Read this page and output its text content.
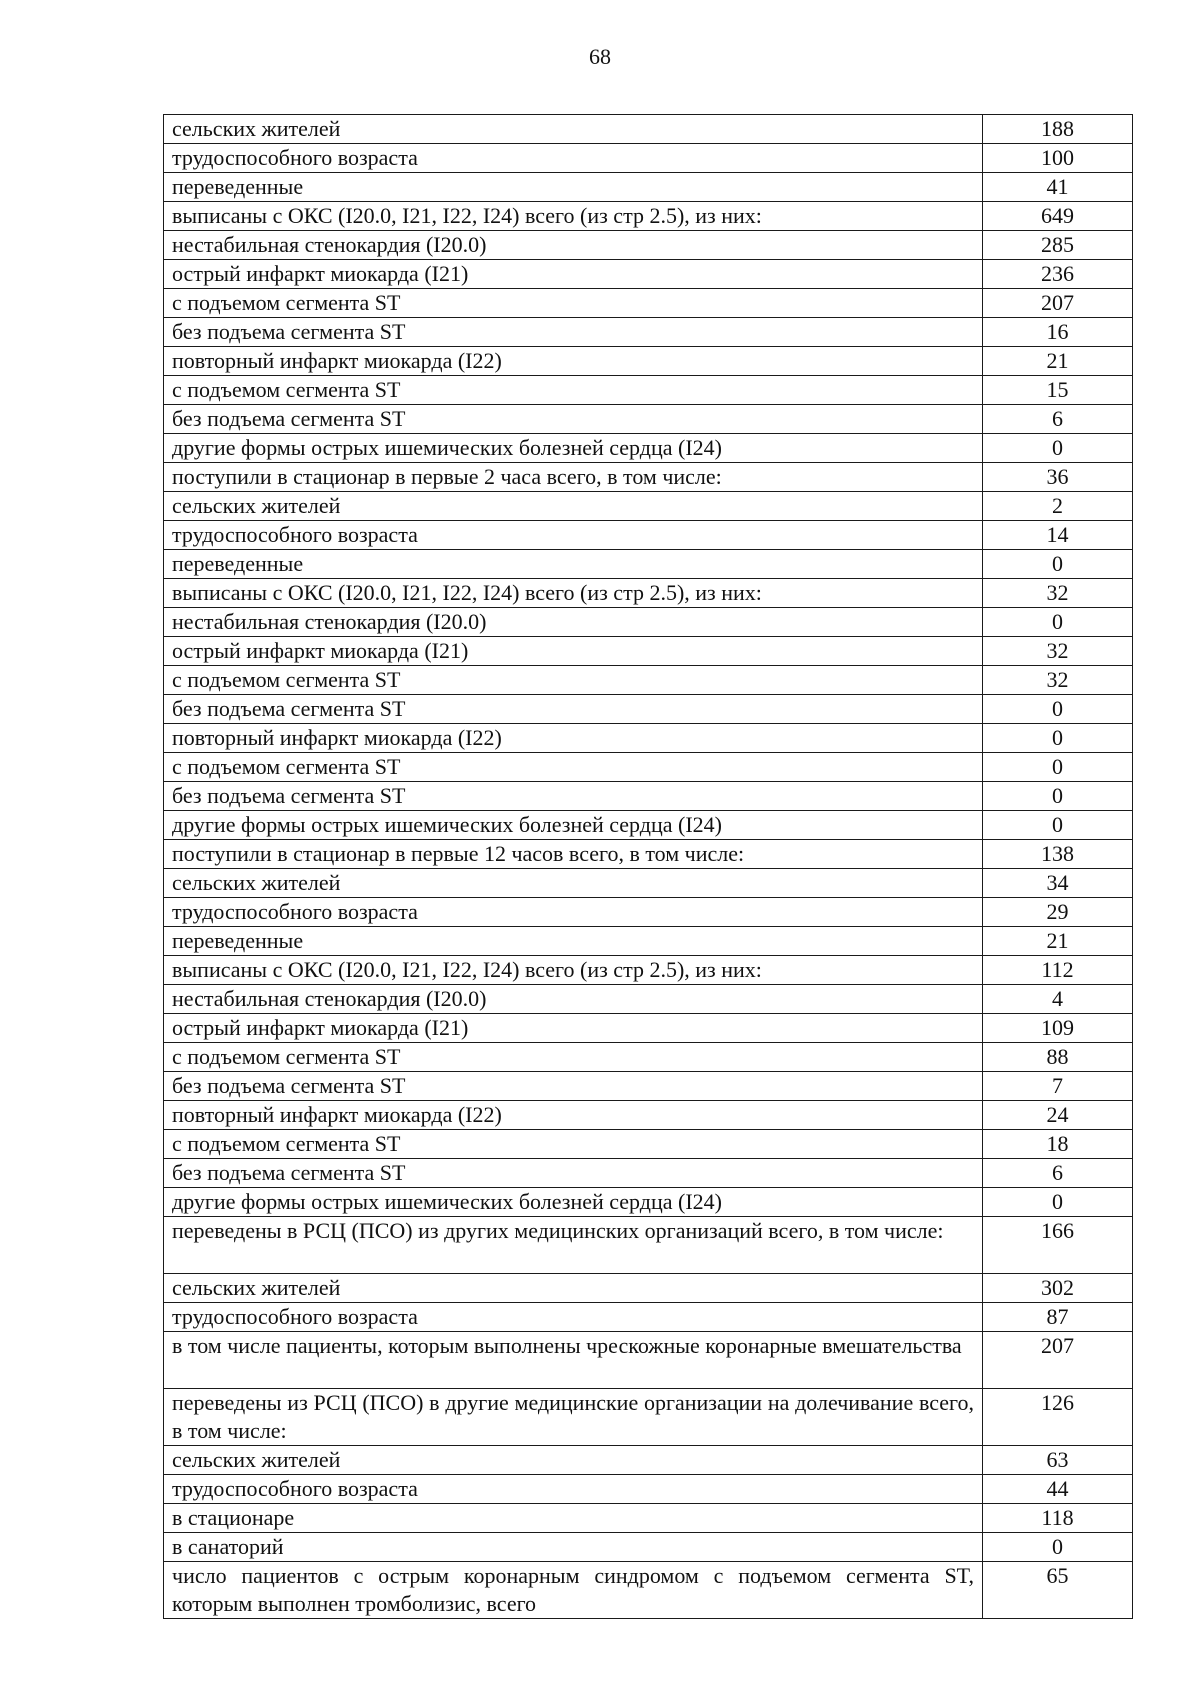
68
сельских жителей	188
трудоспособного возраста	100
переведенные	41
выписаны с ОКС (I20.0, I21, I22, I24) всего (из стр 2.5), из них:	649
нестабильная стенокардия (I20.0)	285
острый инфаркт миокарда (I21)	236
с подъемом сегмента ST	207
без подъема сегмента ST	16
повторный инфаркт миокарда (I22)	21
с подъемом сегмента ST	15
без подъема сегмента ST	6
другие формы острых ишемических болезней сердца (I24)	0
поступили в стационар в первые 2 часа всего, в том числе:	36
сельских жителей	2
трудоспособного возраста	14
переведенные	0
выписаны с ОКС (I20.0, I21, I22, I24) всего (из стр 2.5), из них:	32
нестабильная стенокардия (I20.0)	0
острый инфаркт миокарда (I21)	32
с подъемом сегмента ST	32
без подъема сегмента ST	0
повторный инфаркт миокарда (I22)	0
с подъемом сегмента ST	0
без подъема сегмента ST	0
другие формы острых ишемических болезней сердца (I24)	0
поступили в стационар в первые 12 часов всего, в том числе:	138
сельских жителей	34
трудоспособного возраста	29
переведенные	21
выписаны с ОКС (I20.0, I21, I22, I24) всего (из стр 2.5), из них:	112
нестабильная стенокардия (I20.0)	4
острый инфаркт миокарда (I21)	109
с подъемом сегмента ST	88
без подъема сегмента ST	7
повторный инфаркт миокарда (I22)	24
с подъемом сегмента ST	18
без подъема сегмента ST	6
другие формы острых ишемических болезней сердца (I24)	0
переведены в РСЦ (ПСО) из других медицинских организаций всего, в том числе:	166
сельских жителей	302
трудоспособного возраста	87
в том числе пациенты, которым выполнены чрескожные коронарные вмешательства	207
переведены из РСЦ (ПСО) в другие медицинские организации на долечивание всего, в том числе:	126
сельских жителей	63
трудоспособного возраста	44
в стационаре	118
в санаторий	0
число пациентов с острым коронарным синдромом с подъемом сегмента ST, которым выполнен тромболизис, всего	65
